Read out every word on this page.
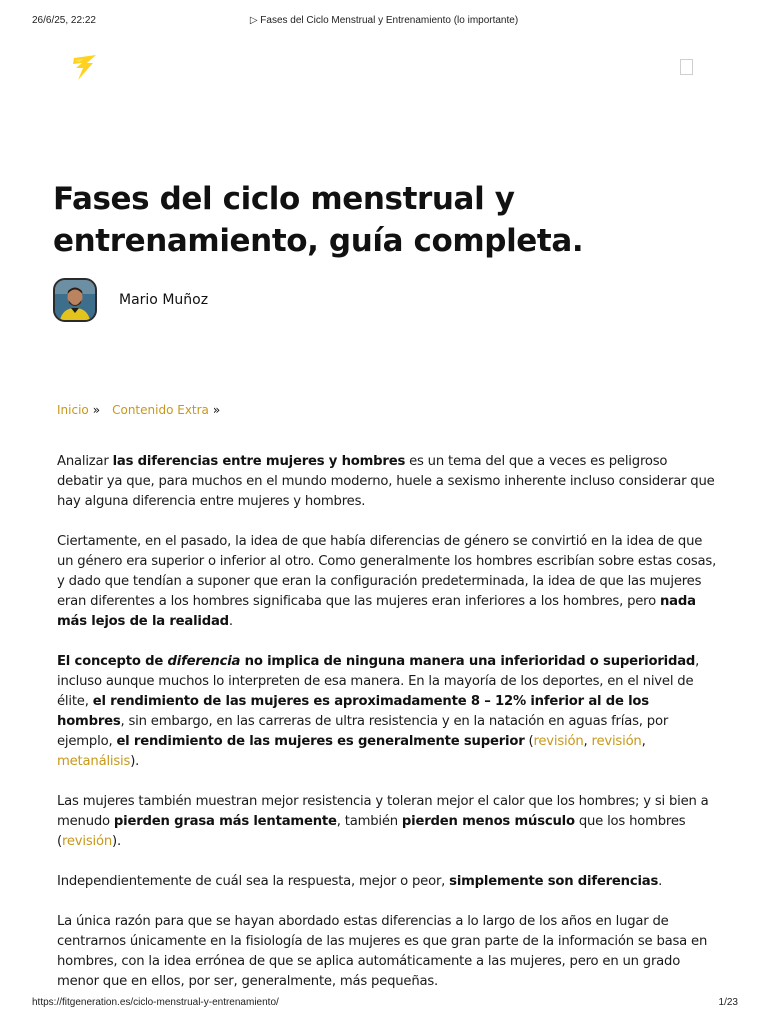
26/6/25, 22:22	▷ Fases del Ciclo Menstrual y Entrenamiento (lo importante)
Fases del ciclo menstrual y entrenamiento, guía completa.
Mario Muñoz
Inicio » Contenido Extra »

Analizar las diferencias entre mujeres y hombres es un tema del que a veces es peligroso debatir ya que, para muchos en el mundo moderno, huele a sexismo inherente incluso considerar que hay alguna diferencia entre mujeres y hombres.

Ciertamente, en el pasado, la idea de que había diferencias de género se convirtió en la idea de que un género era superior o inferior al otro. Como generalmente los hombres escribían sobre estas cosas, y dado que tendían a suponer que eran la configuración predeterminada, la idea de que las mujeres eran diferentes a los hombres significaba que las mujeres eran inferiores a los hombres, pero nada más lejos de la realidad.

El concepto de diferencia no implica de ninguna manera una inferioridad o superioridad, incluso aunque muchos lo interpreten de esa manera. En la mayoría de los deportes, en el nivel de élite, el rendimiento de las mujeres es aproximadamente 8 – 12% inferior al de los hombres, sin embargo, en las carreras de ultra resistencia y en la natación en aguas frías, por ejemplo, el rendimiento de las mujeres es generalmente superior (revisión, revisión, metanálisis).

Las mujeres también muestran mejor resistencia y toleran mejor el calor que los hombres; y si bien a menudo pierden grasa más lentamente, también pierden menos músculo que los hombres (revisión).

Independientemente de cuál sea la respuesta, mejor o peor, simplemente son diferencias.

La única razón para que se hayan abordado estas diferencias a lo largo de los años en lugar de centrarnos únicamente en la fisiología de las mujeres es que gran parte de la información se basa en hombres, con la idea errónea de que se aplica automáticamente a las mujeres, pero en un grado menor que en ellos, por ser, generalmente, más pequeñas.

https://fitgeneration.es/ciclo-menstrual-y-entrenamiento/	1/23
